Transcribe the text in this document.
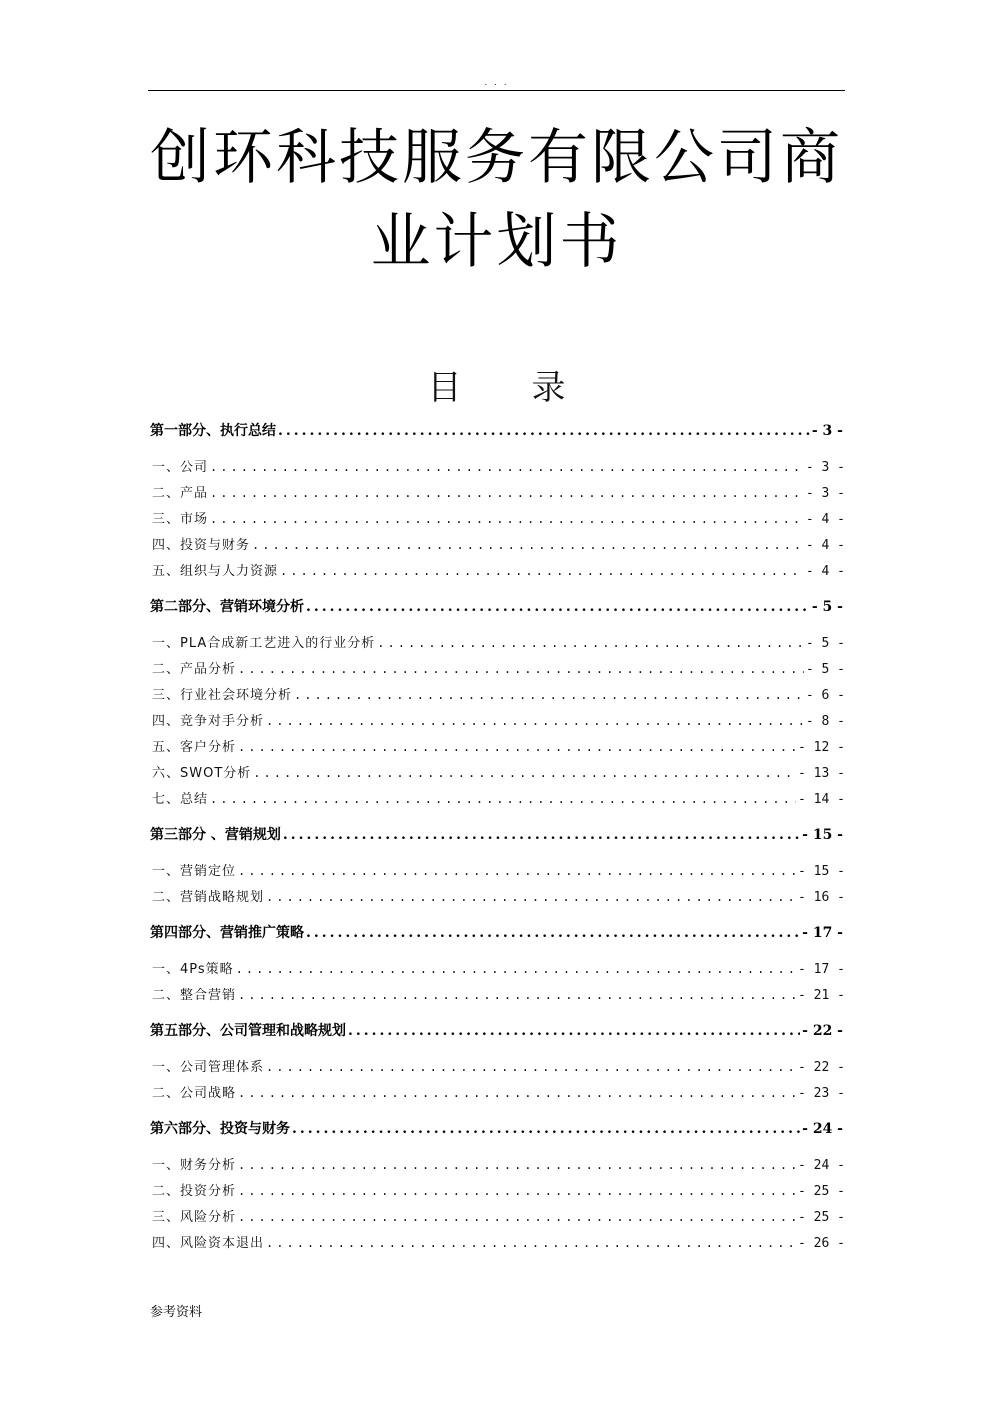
. . .
创环科技服务有限公司商
业计划书
目录
第一部分、执行总结 .....	- 3 -
一、公司 .....	- 3 -
二、产品 .....	- 3 -
三、市场 .....	- 4 -
四、投资与财务 .....	- 4 -
五、组织与人力资源 .....	- 4 -
第二部分、营销环境分析 .....	- 5 -
一、PLA合成新工艺进入的行业分析 .....	- 5 -
二、产品分析 .....	- 5 -
三、行业社会环境分析 .....	- 6 -
四、竞争对手分析 .....	- 8 -
五、客户分析 .....	- 12 -
六、SWOT分析 .....	- 13 -
七、总结 .....	- 14 -
第三部分 、营销规划 .....	- 15 -
一、营销定位 .....	- 15 -
二、营销战略规划 .....	- 16 -
第四部分、营销推广策略 .....	- 17 -
一、4Ps策略 .....	- 17 -
二、整合营销 .....	- 21 -
第五部分、公司管理和战略规划 .....	- 22 -
一、公司管理体系 .....	- 22 -
二、公司战略 .....	- 23 -
第六部分、投资与财务 .....	- 24 -
一、财务分析 .....	- 24 -
二、投资分析 .....	- 25 -
三、风险分析 .....	- 25 -
四、风险资本退出 .....	- 26 -
参考资料
